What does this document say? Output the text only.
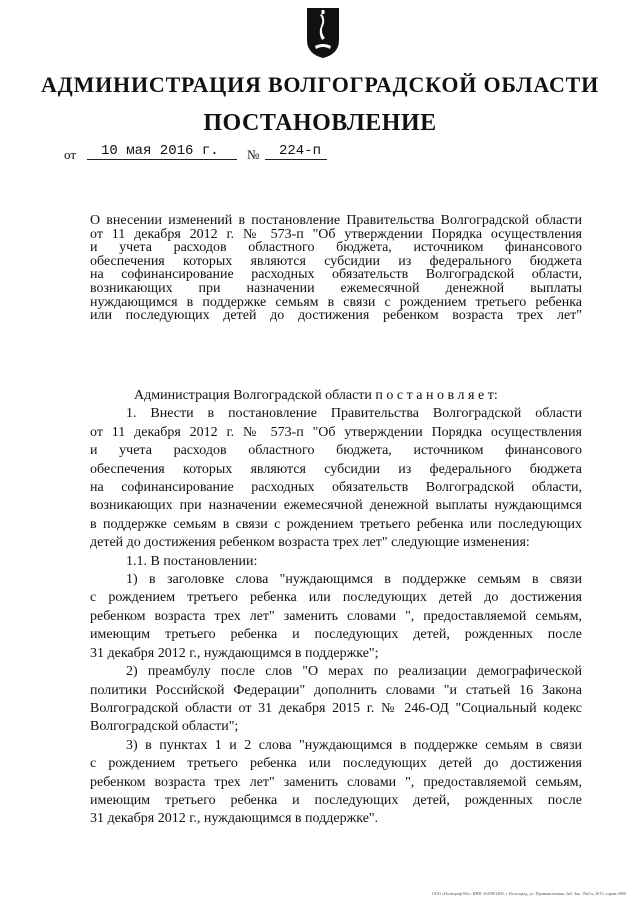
АДМИНИСТРАЦИЯ ВОЛГОГРАДСКОЙ ОБЛАСТИ
ПОСТАНОВЛЕНИЕ
от	10 мая 2016 г.	№	224-п
О внесении изменений в постановление Правительства Волгоградской области
от 11 декабря 2012 г. № 573-п "Об утверждении Порядка осуществления
и учета расходов областного бюджета, источником финансового
обеспечения которых являются субсидии из федерального бюджета
на софинансирование расходных обязательств Волгоградской области,
возникающих при назначении ежемесячной денежной выплаты
нуждающимся в поддержке семьям в связи с рождением третьего ребенка
или последующих детей до достижения ребенком возраста трех лет"
Администрация Волгоградской области п о с т а н о в л я е т:
1. Внести в постановление Правительства Волгоградской области
от 11 декабря 2012 г. № 573-п "Об утверждении Порядка осуществления
и учета расходов областного бюджета, источником финансового
обеспечения которых являются субсидии из федерального бюджета
на софинансирование расходных обязательств Волгоградской области,
возникающих при назначении ежемесячной денежной выплаты нуждающимся
в поддержке семьям в связи с рождением третьего ребенка или последующих
детей до достижения ребенком возраста трех лет" следующие изменения:
1.1. В постановлении:
1) в заголовке слова "нуждающимся в поддержке семьям в связи
с рождением третьего ребенка или последующих детей до достижения
ребенком возраста трех лет" заменить словами ", предоставляемой семьям,
имеющим третьего ребенка и последующих детей, рожденных после
31 декабря 2012 г., нуждающимся в поддержке";
2) преамбулу после слов "О мерах по реализации демографической
политики Российской Федерации" дополнить словами "и статьей 16 Закона
Волгоградской области от 31 декабря 2015 г. № 246-ОД "Социальный кодекс
Волгоградской области";
3) в пунктах 1 и 2 слова "нуждающимся в поддержке семьям в связи
с рождением третьего ребенка или последующих детей до достижения
ребенком возраста трех лет" заменить словами ", предоставляемой семьям,
имеющим третьего ребенка и последующих детей, рожденных после
31 декабря 2012 г., нуждающимся в поддержке".
ООО «Полиграф-Юг» ИНН 3443901409, г. Волгоград, ул. Промышленная, 2кб. Зак. 19кСч, 2015, тираж 4000
